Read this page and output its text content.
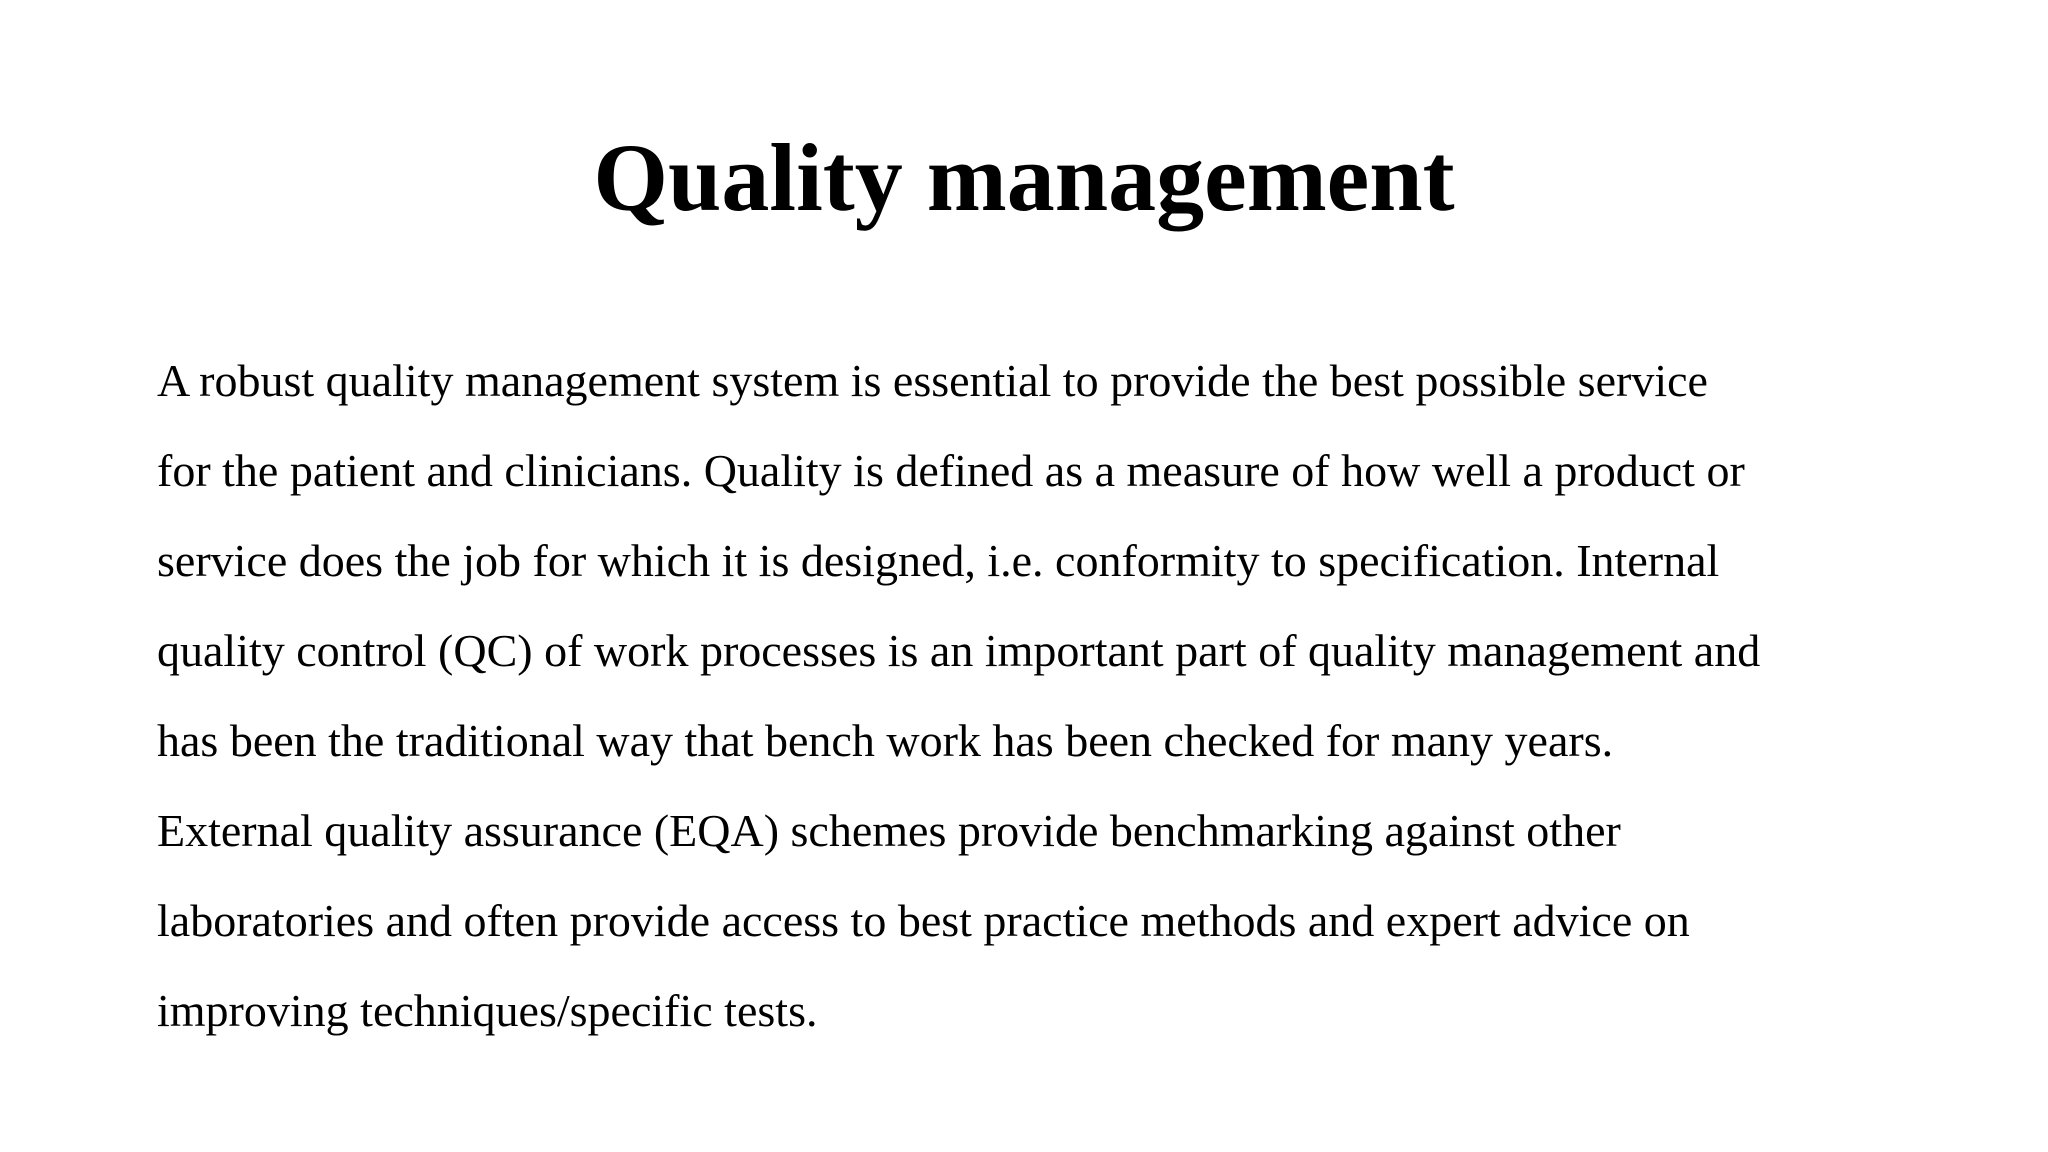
Quality management
A robust quality management system is essential to provide the best possible service
for the patient and clinicians. Quality is defined as a measure of how well a product or
service does the job for which it is designed, i.e. conformity to specification. Internal
quality control (QC) of work processes is an important part of quality management and
has been the traditional way that bench work has been checked for many years.
External quality assurance (EQA) schemes provide benchmarking against other
laboratories and often provide access to best practice methods and expert advice on
improving techniques/specific tests.
